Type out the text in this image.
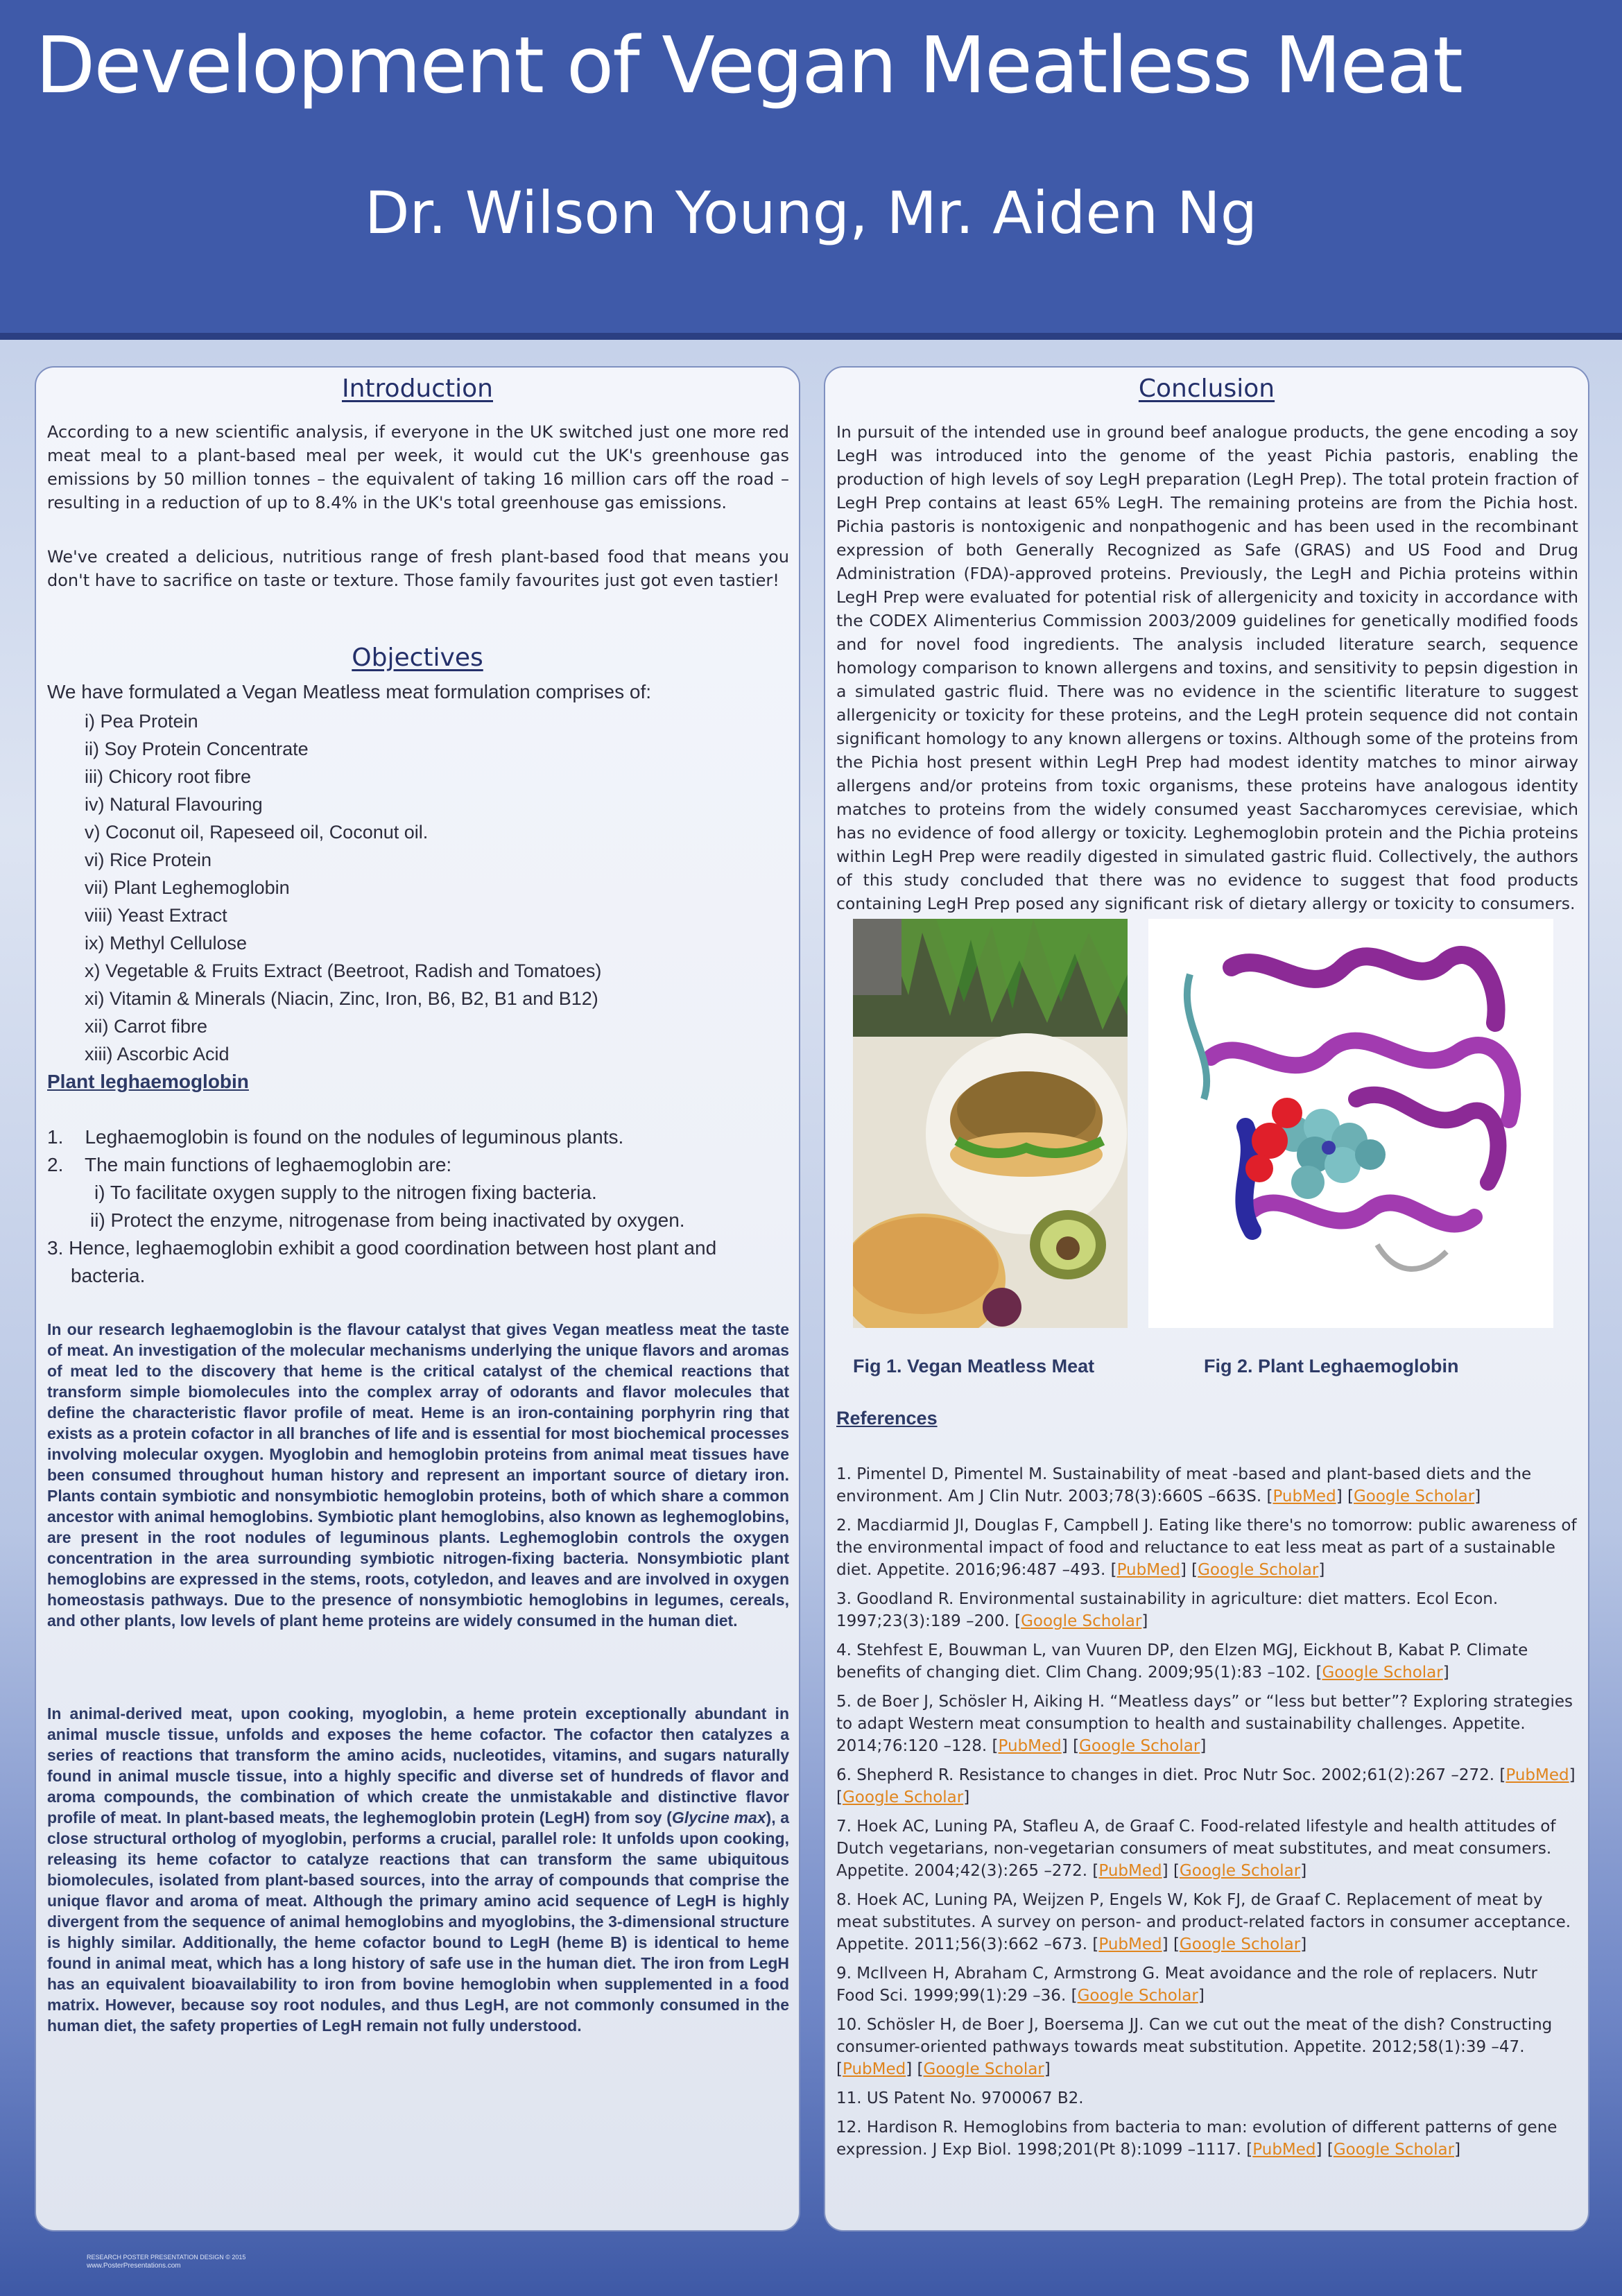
Development of Vegan Meatless Meat
Dr. Wilson Young, Mr. Aiden Ng
Introduction
According to a new scientific analysis, if everyone in the UK switched just one more red meat meal to a plant-based meal per week, it would cut the UK's greenhouse gas emissions by 50 million tonnes – the equivalent of taking 16 million cars off the road – resulting in a reduction of up to 8.4% in the UK's total greenhouse gas emissions.
We've created a delicious, nutritious range of fresh plant-based food that means you don't have to sacrifice on taste or texture. Those family favourites just got even tastier!
Objectives
We have formulated a Vegan Meatless meat formulation comprises of:
i) Pea Protein
ii) Soy Protein Concentrate
iii) Chicory root fibre
iv) Natural Flavouring
v) Coconut oil, Rapeseed oil, Coconut oil.
vi) Rice Protein
vii) Plant Leghemoglobin
viii) Yeast Extract
ix) Methyl Cellulose
x) Vegetable & Fruits Extract (Beetroot, Radish and Tomatoes)
xi) Vitamin & Minerals (Niacin, Zinc, Iron, B6, B2, B1 and B12)
xii) Carrot fibre
xiii) Ascorbic Acid
Plant leghaemoglobin
1.    Leghaemoglobin is found on the nodules of leguminous plants.
2.    The main functions of leghaemoglobin are:
i) To facilitate oxygen supply to the nitrogen fixing bacteria.
ii) Protect the enzyme, nitrogenase from being inactivated by oxygen.
3. Hence, leghaemoglobin exhibit a good coordination between host plant and
bacteria.
In our research leghaemoglobin is the flavour catalyst that gives Vegan meatless meat the taste of meat. An investigation of the molecular mechanisms underlying the unique flavors and aromas of meat led to the discovery that heme is the critical catalyst of the chemical reactions that transform simple biomolecules into the complex array of odorants and flavor molecules that define the characteristic flavor profile of meat. Heme is an iron-containing porphyrin ring that exists as a protein cofactor in all branches of life and is essential for most biochemical processes involving molecular oxygen. Myoglobin and hemoglobin proteins from animal meat tissues have been consumed throughout human history and represent an important source of dietary iron. Plants contain symbiotic and nonsymbiotic hemoglobin proteins, both of which share a common ancestor with animal hemoglobins. Symbiotic plant hemoglobins, also known as leghemoglobins, are present in the root nodules of leguminous plants. Leghemoglobin controls the oxygen concentration in the area surrounding symbiotic nitrogen-fixing bacteria. Nonsymbiotic plant hemoglobins are expressed in the stems, roots, cotyledon, and leaves and are involved in oxygen homeostasis pathways. Due to the presence of nonsymbiotic hemoglobins in legumes, cereals, and other plants, low levels of plant heme proteins are widely consumed in the human diet.
In animal-derived meat, upon cooking, myoglobin, a heme protein exceptionally abundant in animal muscle tissue, unfolds and exposes the heme cofactor. The cofactor then catalyzes a series of reactions that transform the amino acids, nucleotides, vitamins, and sugars naturally found in animal muscle tissue, into a highly specific and diverse set of hundreds of flavor and aroma compounds, the combination of which create the unmistakable and distinctive flavor profile of meat. In plant-based meats, the leghemoglobin protein (LegH) from soy (Glycine max), a close structural ortholog of myoglobin, performs a crucial, parallel role: It unfolds upon cooking, releasing its heme cofactor to catalyze reactions that can transform the same ubiquitous biomolecules, isolated from plant-based sources, into the array of compounds that comprise the unique flavor and aroma of meat. Although the primary amino acid sequence of LegH is highly divergent from the sequence of animal hemoglobins and myoglobins, the 3-dimensional structure is highly similar. Additionally, the heme cofactor bound to LegH (heme B) is identical to heme found in animal meat, which has a long history of safe use in the human diet. The iron from LegH has an equivalent bioavailability to iron from bovine hemoglobin when supplemented in a food matrix. However, because soy root nodules, and thus LegH, are not commonly consumed in the human diet, the safety properties of LegH remain not fully understood.
Conclusion
In pursuit of the intended use in ground beef analogue products, the gene encoding a soy LegH was introduced into the genome of the yeast Pichia pastoris, enabling the production of high levels of soy LegH preparation (LegH Prep). The total protein fraction of LegH Prep contains at least 65% LegH. The remaining proteins are from the Pichia host. Pichia pastoris is nontoxigenic and nonpathogenic and has been used in the recombinant expression of both Generally Recognized as Safe (GRAS) and US Food and Drug Administration (FDA)-approved proteins. Previously, the LegH and Pichia proteins within LegH Prep were evaluated for potential risk of allergenicity and toxicity in accordance with the CODEX Alimenterius Commission 2003/2009 guidelines for genetically modified foods and for novel food ingredients. The analysis included literature search, sequence homology comparison to known allergens and toxins, and sensitivity to pepsin digestion in a simulated gastric fluid. There was no evidence in the scientific literature to suggest allergenicity or toxicity for these proteins, and the LegH protein sequence did not contain significant homology to any known allergens or toxins. Although some of the proteins from the Pichia host present within LegH Prep had modest identity matches to minor airway allergens and/or proteins from toxic organisms, these proteins have analogous identity matches to proteins from the widely consumed yeast Saccharomyces cerevisiae, which has no evidence of food allergy or toxicity. Leghemoglobin protein and the Pichia proteins within LegH Prep were readily digested in simulated gastric fluid. Collectively, the authors of this study concluded that there was no evidence to suggest that food products containing LegH Prep posed any significant risk of dietary allergy or toxicity to consumers.
Fig 1. Vegan Meatless Meat	Fig 2. Plant Leghaemoglobin
References
1. Pimentel D, Pimentel M. Sustainability of meat -based and plant-based diets and the environment. Am J Clin Nutr. 2003;78(3):660S –663S. [PubMed] [Google Scholar]
2. Macdiarmid JI, Douglas F, Campbell J. Eating like there's no tomorrow: public awareness of the environmental impact of food and reluctance to eat less meat as part of a sustainable diet. Appetite. 2016;96:487 –493. [PubMed] [Google Scholar]
3. Goodland R. Environmental sustainability in agriculture: diet matters. Ecol Econ. 1997;23(3):189 –200. [Google Scholar]
4. Stehfest E, Bouwman L, van Vuuren DP, den Elzen MGJ, Eickhout B, Kabat P. Climate benefits of changing diet. Clim Chang. 2009;95(1):83 –102. [Google Scholar]
5. de Boer J, Schösler H, Aiking H. “Meatless days” or “less but better”? Exploring strategies to adapt Western meat consumption to health and sustainability challenges. Appetite. 2014;76:120 –128. [PubMed] [Google Scholar]
6. Shepherd R. Resistance to changes in diet. Proc Nutr Soc. 2002;61(2):267 –272. [PubMed] [Google Scholar]
7. Hoek AC, Luning PA, Stafleu A, de Graaf C. Food-related lifestyle and health attitudes of Dutch vegetarians, non-vegetarian consumers of meat substitutes, and meat consumers. Appetite. 2004;42(3):265 –272. [PubMed] [Google Scholar]
8. Hoek AC, Luning PA, Weijzen P, Engels W, Kok FJ, de Graaf C. Replacement of meat by meat substitutes. A survey on person- and product-related factors in consumer acceptance. Appetite. 2011;56(3):662 –673. [PubMed] [Google Scholar]
9. McIlveen H, Abraham C, Armstrong G. Meat avoidance and the role of replacers. Nutr Food Sci. 1999;99(1):29 –36. [Google Scholar]
10. Schösler H, de Boer J, Boersema JJ. Can we cut out the meat of the dish? Constructing consumer-oriented pathways towards meat substitution. Appetite. 2012;58(1):39 –47. [PubMed] [Google Scholar]
11. US Patent No. 9700067 B2.
12. Hardison R. Hemoglobins from bacteria to man: evolution of different patterns of gene expression. J Exp Biol. 1998;201(Pt 8):1099 –1117. [PubMed] [Google Scholar]
RESEARCH POSTER PRESENTATION DESIGN © 2015
www.PosterPresentations.com
